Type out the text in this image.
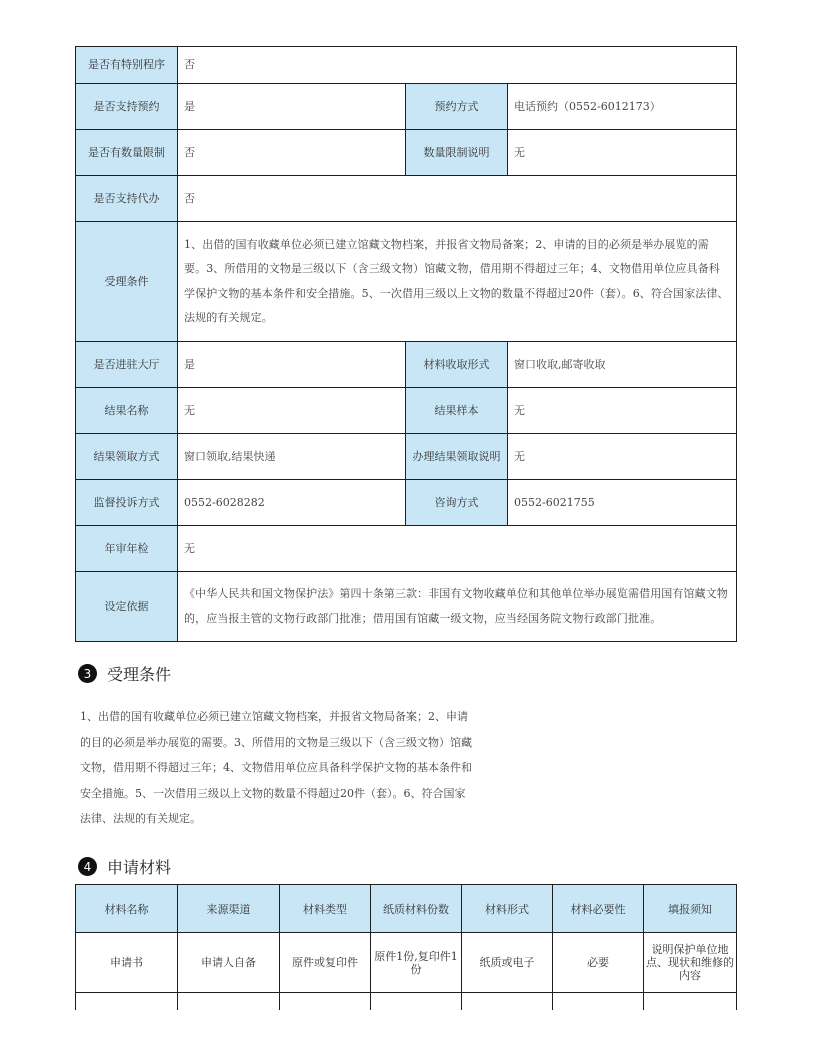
是否有特别程序	否		
是否支持预约	是	预约方式	电话预约（0552-6012173）
是否有数量限制	否	数量限制说明	无
是否支持代办	否		
受理条件	1、出借的国有收藏单位必须已建立馆藏文物档案，并报省文物局备案；2、申请的目的必须是举办展览的需要。3、所借用的文物是三级以下（含三级文物）馆藏文物，借用期不得超过三年；4、文物借用单位应具备科学保护文物的基本条件和安全措施。5、一次借用三级以上文物的数量不得超过20件（套）。6、符合国家法律、法规的有关规定。		
是否进驻大厅	是	材料收取形式	窗口收取,邮寄收取
结果名称	无	结果样本	无
结果领取方式	窗口领取,结果快递	办理结果领取说明	无
监督投诉方式	0552-6028282	咨询方式	0552-6021755
年审年检	无		
设定依据	《中华人民共和国文物保护法》第四十条第三款：非国有文物收藏单位和其他单位举办展览需借用国有馆藏文物的，应当报主管的文物行政部门批准；借用国有馆藏一级文物，应当经国务院文物行政部门批准。		
3 受理条件

1、出借的国有收藏单位必须已建立馆藏文物档案，并报省文物局备案；2、申请的目的必须是举办展览的需要。3、所借用的文物是三级以下（含三级文物）馆藏文物，借用期不得超过三年；4、文物借用单位应具备科学保护文物的基本条件和安全措施。5、一次借用三级以上文物的数量不得超过20件（套）。6、符合国家法律、法规的有关规定。

4 申请材料
材料名称	来源渠道	材料类型	纸质材料份数	材料形式	材料必要性	填报须知
申请书	申请人自备	原件或复印件	原件1份,复印件1份	纸质或电子	必要	说明保护单位地点、现状和维修的内容
